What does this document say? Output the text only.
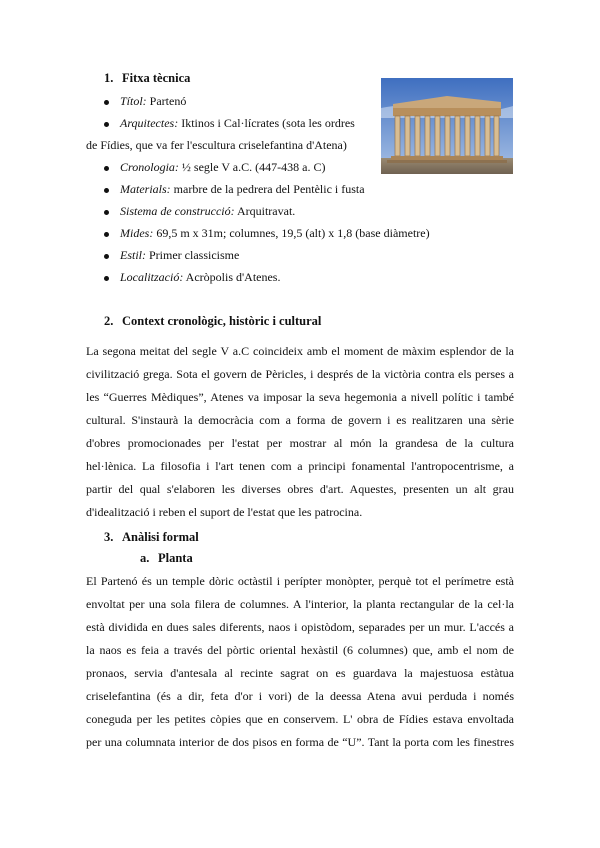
1. Fitxa tècnica
Títol: Partenó
Arquitectes: Iktinos i Cal·lícrates (sota les ordres
de Fídies, que va fer l'escultura criselefantina d'Atena)
Cronologia: ½ segle V a.C. (447-438 a. C)
Materials: marbre de la pedrera del Pentèlic i fusta
Sistema de construcció: Arquitravat.
Mides: 69,5 m x 31m; columnes, 19,5 (alt) x 1,8 (base diàmetre)
Estil: Primer classicisme
Localització: Acròpolis d'Atenes.
2. Context cronològic, històric i cultural
La segona meitat del segle V a.C coincideix amb el moment de màxim esplendor de la
civilització grega. Sota el govern de Pèricles, i després de la victòria contra els perses a
les “Guerres Mèdiques”, Atenes va imposar la seva hegemonia a nivell polític i també
cultural. S'instaurà la democràcia com a forma de govern i es realitzaren una sèrie
d'obres promocionades per l'estat per mostrar al món la grandesa de la cultura
hel·lènica. La filosofia i l'art tenen com a principi fonamental l'antropocentrisme, a
partir del qual s'elaboren les diverses obres d'art. Aquestes, presenten un alt grau
d'idealització i reben el suport de l'estat que les patrocina.
3. Anàlisi formal
a. Planta
El Partenó és un temple dòric octàstil i perípter monòpter, perquè tot el perímetre està
envoltat per una sola filera de columnes. A l'interior, la planta rectangular de la cel·la
està dividida en dues sales diferents, naos i opistòdom, separades per un mur. L'accés a
la naos es feia a través del pòrtic oriental hexàstil (6 columnes) que, amb el nom de
pronaos, servia d'antesala al recinte sagrat on es guardava la majestuosa estàtua
criselefantina (és a dir, feta d'or i vori) de la deessa Atena avui perduda i només
coneguda per les petites còpies que en conservem. L' obra de Fídies estava envoltada
per una columnata interior de dos pisos en forma de “U”. Tant la porta com les finestres
